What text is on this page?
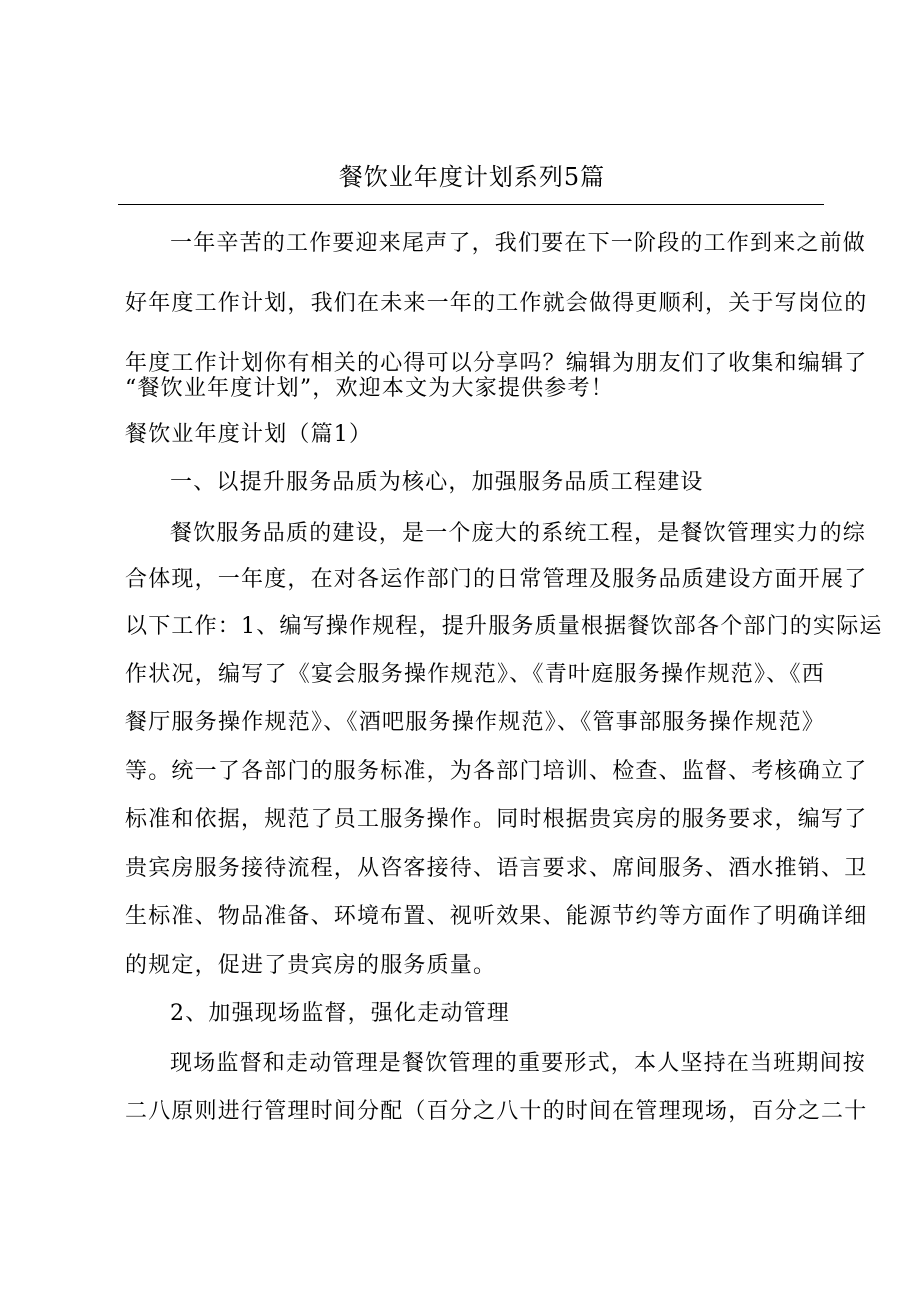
餐饮业年度计划系列5篇
一年辛苦的工作要迎来尾声了，我们要在下一阶段的工作到来之前做
好年度工作计划，我们在未来一年的工作就会做得更顺利，关于写岗位的
年度工作计划你有相关的心得可以分享吗？编辑为朋友们了收集和编辑了
“餐饮业年度计划”，欢迎本文为大家提供参考！
餐饮业年度计划（篇1）
一、以提升服务品质为核心，加强服务品质工程建设
餐饮服务品质的建设，是一个庞大的系统工程，是餐饮管理实力的综
合体现，一年度，在对各运作部门的日常管理及服务品质建设方面开展了
以下工作：1、编写操作规程，提升服务质量根据餐饮部各个部门的实际运
作状况，编写了《宴会服务操作规范》、《青叶庭服务操作规范》、《西
餐厅服务操作规范》、《酒吧服务操作规范》、《管事部服务操作规范》
等。统一了各部门的服务标准，为各部门培训、检查、监督、考核确立了
标准和依据，规范了员工服务操作。同时根据贵宾房的服务要求，编写了
贵宾房服务接待流程，从咨客接待、语言要求、席间服务、酒水推销、卫
生标准、物品准备、环境布置、视听效果、能源节约等方面作了明确详细
的规定，促进了贵宾房的服务质量。
2、加强现场监督，强化走动管理
现场监督和走动管理是餐饮管理的重要形式，本人坚持在当班期间按
二八原则进行管理时间分配（百分之八十的时间在管理现场，百分之二十
